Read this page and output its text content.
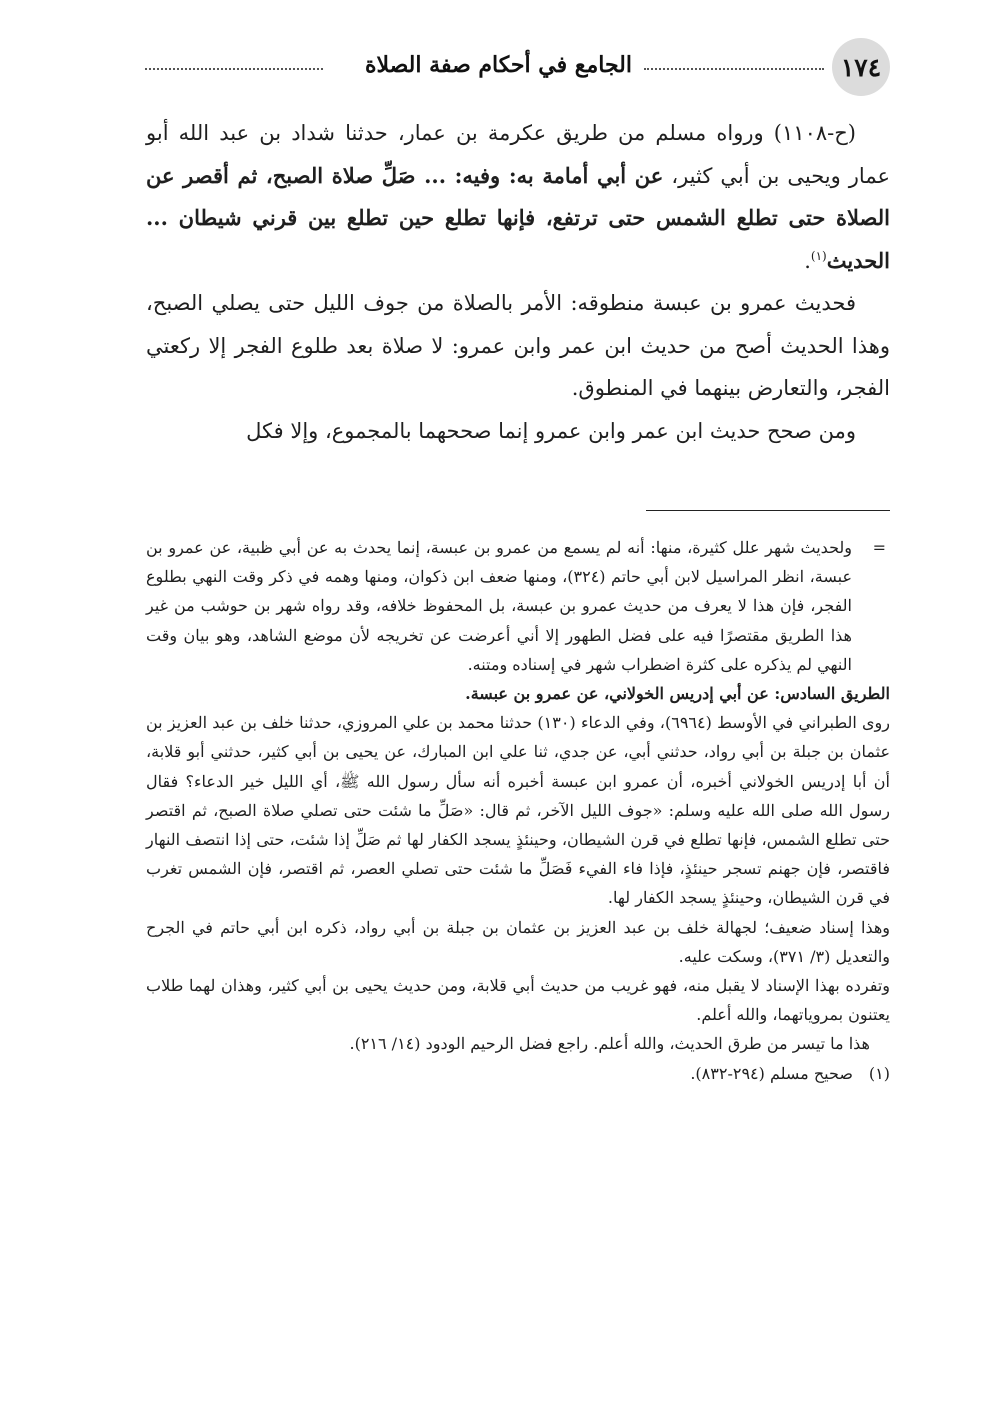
١٧٤
الجامع في أحكام صفة الصلاة

(ح-١١٠٨) ورواه مسلم من طريق عكرمة بن عمار، حدثنا شداد بن عبد الله أبو عمار ويحيى بن أبي كثير، عن أبي أمامة به: وفيه: ... صَلِّ صلاة الصبح، ثم أقصر عن الصلاة حتى تطلع الشمس حتى ترتفع، فإنها تطلع حين تطلع بين قرني شيطان ... الحديث$^{(١)}$.

فحديث عمرو بن عبسة منطوقه: الأمر بالصلاة من جوف الليل حتى يصلي الصبح، وهذا الحديث أصح من حديث ابن عمر وابن عمرو: لا صلاة بعد طلوع الفجر إلا ركعتي الفجر، والتعارض بينهما في المنطوق.

ومن صحح حديث ابن عمر وابن عمرو إنما صححهما بالمجموع، وإلا فكل

=
ولحديث شهر علل كثيرة، منها: أنه لم يسمع من عمرو بن عبسة، إنما يحدث به عن أبي ظبية، عن عمرو بن عبسة، انظر المراسيل لابن أبي حاتم (٣٢٤)، ومنها ضعف ابن ذكوان، ومنها وهمه في ذكر وقت النهي بطلوع الفجر، فإن هذا لا يعرف من حديث عمرو بن عبسة، بل المحفوظ خلافه، وقد رواه شهر بن حوشب من غير هذا الطريق مقتصرًا فيه على فضل الطهور إلا أني أعرضت عن تخريجه لأن موضع الشاهد، وهو بيان وقت النهي لم يذكره على كثرة اضطراب شهر في إسناده ومتنه.

الطريق السادس: عن أبي إدريس الخولاني، عن عمرو بن عبسة.

روى الطبراني في الأوسط (٦٩٦٤)، وفي الدعاء (١٣٠) حدثنا محمد بن علي المروزي، حدثنا خلف بن عبد العزيز بن عثمان بن جبلة بن أبي رواد، حدثني أبي، عن جدي، ثنا علي ابن المبارك، عن يحيى بن أبي كثير، حدثني أبو قلابة، أن أبا إدريس الخولاني أخبره، أن عمرو ابن عبسة أخبره أنه سأل رسول الله ﷺ، أي الليل خير الدعاء؟ فقال رسول الله صلى الله عليه وسلم: «جوف الليل الآخر، ثم قال: «صَلِّ ما شئت حتى تصلي صلاة الصبح، ثم اقتصر حتى تطلع الشمس، فإنها تطلع في قرن الشيطان، وحينئذٍ يسجد الكفار لها ثم صَلِّ إذا شئت، حتى إذا انتصف النهار فاقتصر، فإن جهنم تسجر حينئذٍ، فإذا فاء الفيء فَصَلِّ ما شئت حتى تصلي العصر، ثم اقتصر، فإن الشمس تغرب في قرن الشيطان، وحينئذٍ يسجد الكفار لها.

وهذا إسناد ضعيف؛ لجهالة خلف بن عبد العزيز بن عثمان بن جبلة بن أبي رواد، ذكره ابن أبي حاتم في الجرح والتعديل (٣/ ٣٧١)، وسكت عليه.

وتفرده بهذا الإسناد لا يقبل منه، فهو غريب من حديث أبي قلابة، ومن حديث يحيى بن أبي كثير، وهذان لهما طلاب يعتنون بمروياتهما، والله أعلم.

هذا ما تيسر من طرق الحديث، والله أعلم. راجع فضل الرحيم الودود (١٤/ ٢١٦).

(١)صحيح مسلم (٢٩٤-٨٣٢).
